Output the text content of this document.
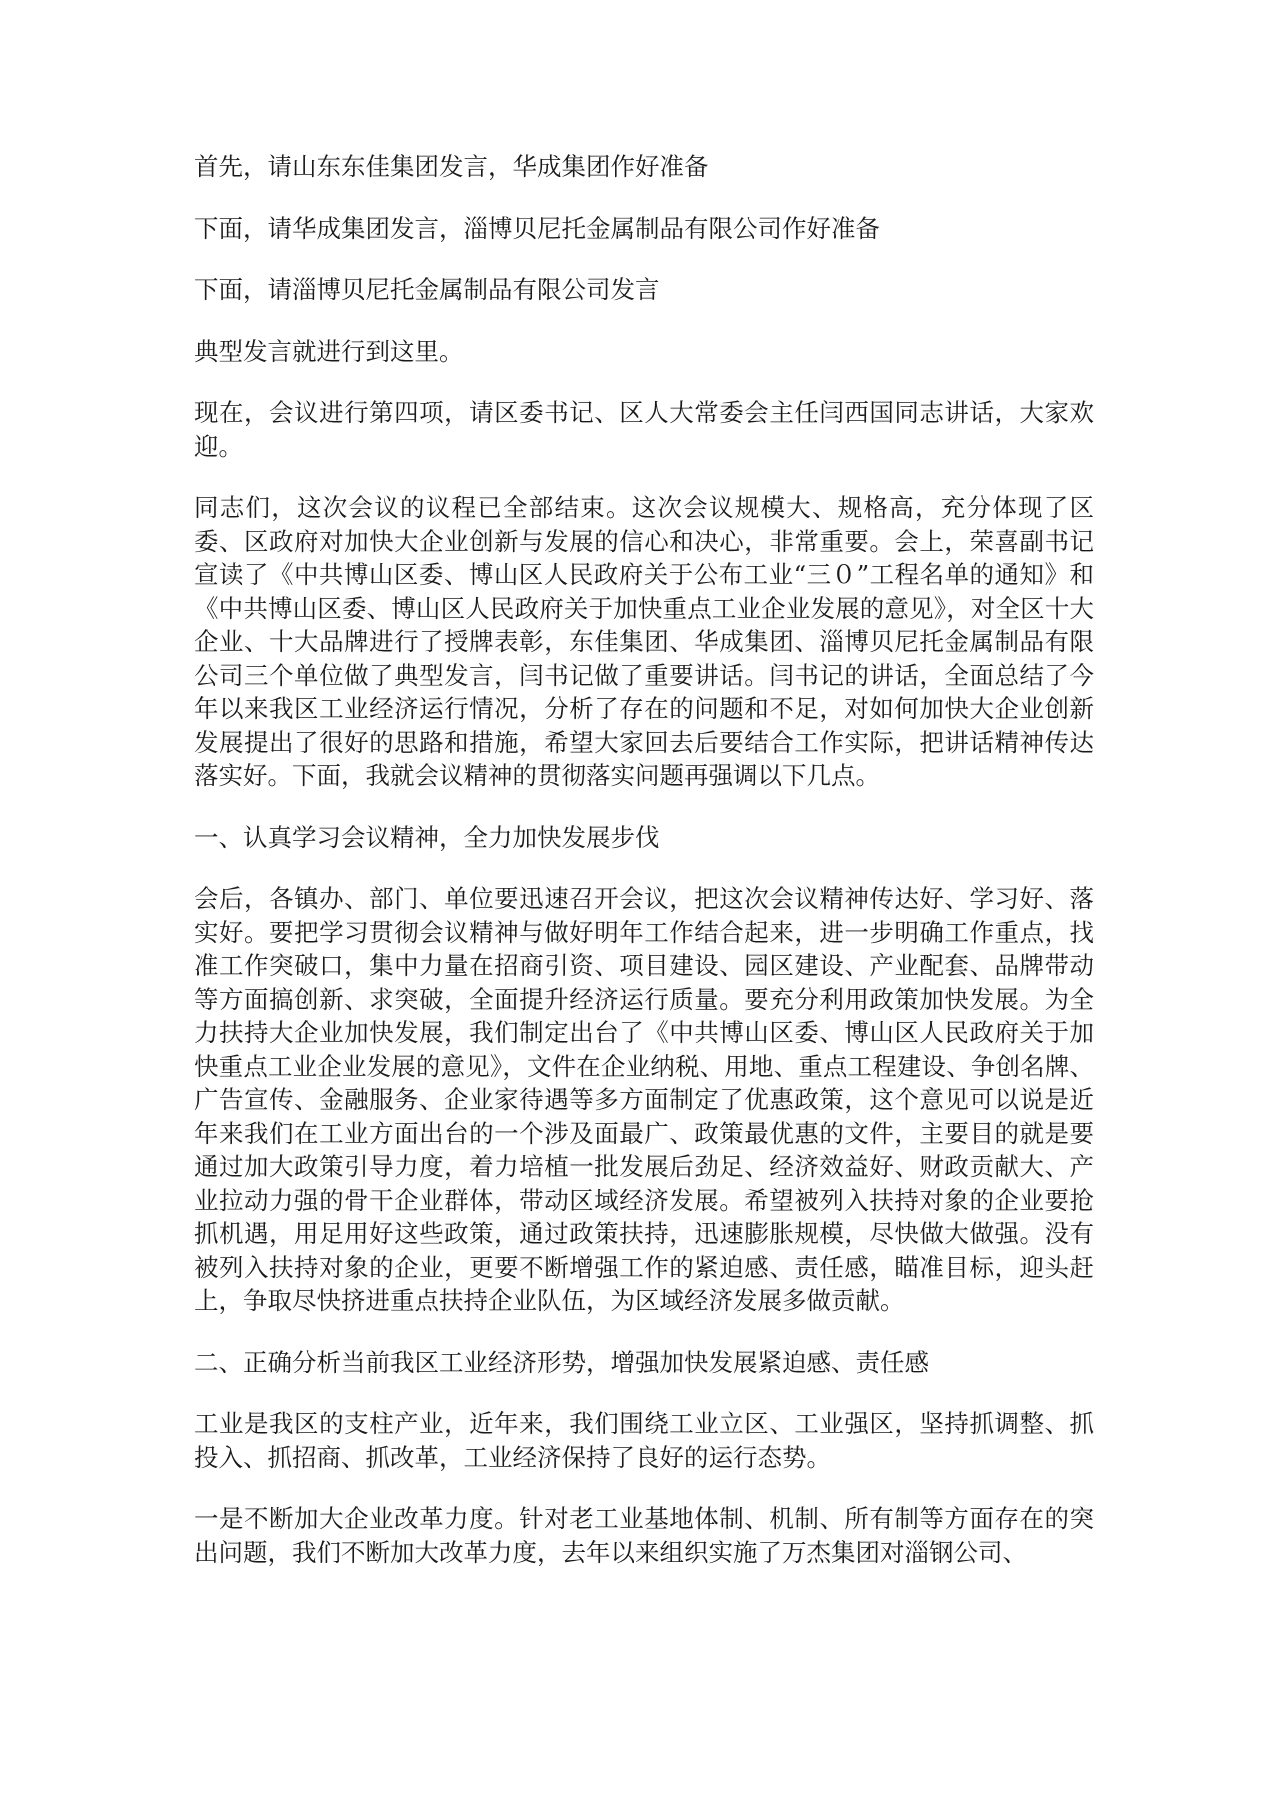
首先，请山东东佳集团发言，华成集团作好准备

下面，请华成集团发言，淄博贝尼托金属制品有限公司作好准备

下面，请淄博贝尼托金属制品有限公司发言

典型发言就进行到这里。

现在，会议进行第四项，请区委书记、区人大常委会主任闫西国同志讲话，大家欢迎。

同志们，这次会议的议程已全部结束。这次会议规模大、规格高，充分体现了区委、区政府对加快大企业创新与发展的信心和决心，非常重要。会上，荣喜副书记宣读了《中共博山区委、博山区人民政府关于公布工业“三０”工程名单的通知》和《中共博山区委、博山区人民政府关于加快重点工业企业发展的意见》，对全区十大企业、十大品牌进行了授牌表彰，东佳集团、华成集团、淄博贝尼托金属制品有限公司三个单位做了典型发言，闫书记做了重要讲话。闫书记的讲话，全面总结了今年以来我区工业经济运行情况，分析了存在的问题和不足，对如何加快大企业创新发展提出了很好的思路和措施，希望大家回去后要结合工作实际，把讲话精神传达落实好。下面，我就会议精神的贯彻落实问题再强调以下几点。

一、认真学习会议精神，全力加快发展步伐

会后，各镇办、部门、单位要迅速召开会议，把这次会议精神传达好、学习好、落实好。要把学习贯彻会议精神与做好明年工作结合起来，进一步明确工作重点，找准工作突破口，集中力量在招商引资、项目建设、园区建设、产业配套、品牌带动等方面搞创新、求突破，全面提升经济运行质量。要充分利用政策加快发展。为全力扶持大企业加快发展，我们制定出台了《中共博山区委、博山区人民政府关于加快重点工业企业发展的意见》，文件在企业纳税、用地、重点工程建设、争创名牌、广告宣传、金融服务、企业家待遇等多方面制定了优惠政策，这个意见可以说是近年来我们在工业方面出台的一个涉及面最广、政策最优惠的文件，主要目的就是要通过加大政策引导力度，着力培植一批发展后劲足、经济效益好、财政贡献大、产业拉动力强的骨干企业群体，带动区域经济发展。希望被列入扶持对象的企业要抢抓机遇，用足用好这些政策，通过政策扶持，迅速膨胀规模，尽快做大做强。没有被列入扶持对象的企业，更要不断增强工作的紧迫感、责任感，瞄准目标，迎头赶上，争取尽快挤进重点扶持企业队伍，为区域经济发展多做贡献。

二、正确分析当前我区工业经济形势，增强加快发展紧迫感、责任感

工业是我区的支柱产业，近年来，我们围绕工业立区、工业强区，坚持抓调整、抓投入、抓招商、抓改革，工业经济保持了良好的运行态势。

一是不断加大企业改革力度。针对老工业基地体制、机制、所有制等方面存在的突出问题，我们不断加大改革力度，去年以来组织实施了万杰集团对淄钢公司、
